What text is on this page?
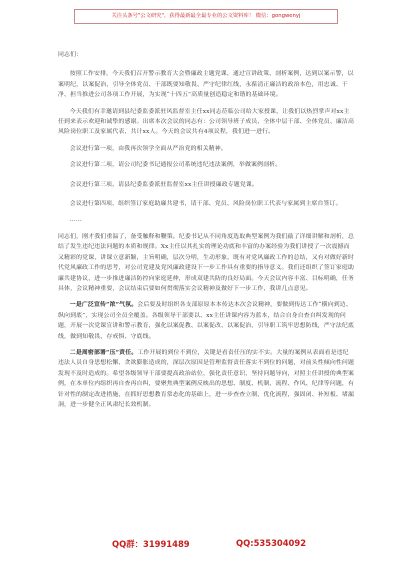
关注头条号"公文研究"，获得最新最全最专业的公文资料库！ 微信：gongwenyj

同志们：

按照工作安排，今天我们召开警示教育大会暨廉政主题党课，通过宣讲政策、剖析案例，达到以案示警，以案明纪，以案促治，引导全体党员、干部既要知敬畏、严守纪律红线，永葆清正廉洁的政治本色，用忠诚、干净、担当推进公司各项工作开展，为实现“十四五”高质量创造稳定和谐的基础环境。

今天我们有幸邀请到县纪委监委派驻风监督室主任xx同志莅临公司给大家授课，让我们以热烈掌声对xx主任到来表示欢迎和诚挚的感谢。出席本次会议的同志有：公司领导班子成员、全体中层干部、全体党员、廉洁高风险岗位职工及家属代表，共计xx人。今天的会议共有4项议程，我们进一进行。

会议进行第一项，由我再次领学全面从严治党的相关精神。

会议进行第二项，请公司纪委书记通报公司系统违纪违法案例，举做案例剖析。

会议进行第三项，请县纪委监委派驻监督室xx主任讲授廉政专题党课。

会议进行第四项，组织签订家庭助廉共建书，请干部、党员、风险岗位职工代表与家属到主席台签订。

……

同志们，刚才我们重温了，备受触释和鞭策。纪委书记从不同角度选取典型案例为我们敲了详细讲解和剖析，总结了发生违纪违法问题的本质和规律。Xx主任以其扎实的理论功底和丰富的办案经验为我们讲授了一次震撼而又精彩的党课，讲课立意新颖，主旨明确，层次分明，生动形象，既有对党风廉政工作的总结，又有对做好新时代党风廉政工作的思考，对公司党建及党风廉政建设下一步工作具有重要的指导意义。我们还组织了签订家庭助廉共建协议，进一步推进廉洁防控向家庭延伸，形成双建共防的良好局面。今天会议内容丰富、目标明确，任务具体，会议精神重要，会议结束后要如何贯彻落实会议精神及做好下一步工作，我讲几点意见。

一是广泛宣传“浓”气氛。会后要及时组织各支部原原本本传达本次会议精神，要做到传达工作“横向到边、纵向到底”，实现公司全员全覆盖。各级领导干部要以、xx主任讲课内容为蓝本，结合自身自查自纠发现的问题，开展一次党课宣讲和警示教育，强化以案促教、以案促改、以案促治，引导职工筑牢思想防线，严守法纪底线，做到知敬畏、存戒惧、守底线。

二是周密部署“压”责任。工作开展的到位不到位，关键是看责任压的实不实。大量的案例从表面看是违纪违法人员自身思想松懈、贪欲膨胀造成的，深层次原因是管理监督责任落实不到位的问题，对前头性倾向性问题发现不及时造成的。希望各级领导干部要提高政治站位，强化责任意识，坚持问题导向，对照主任讲授的典型案例，在本单位内组织再自查再自纠，要聚焦典型案例反映出的思想、制度、机制、流程、作风、纪律等问题，有针对性的制定改进措施，在抓好思想教育常态化的基础上，进一步查查立制，优化流程，强固闭、补短板、堵漏洞，进一步健全正风肃纪长效机制。

QQ群：31991489	QQ:535304092
